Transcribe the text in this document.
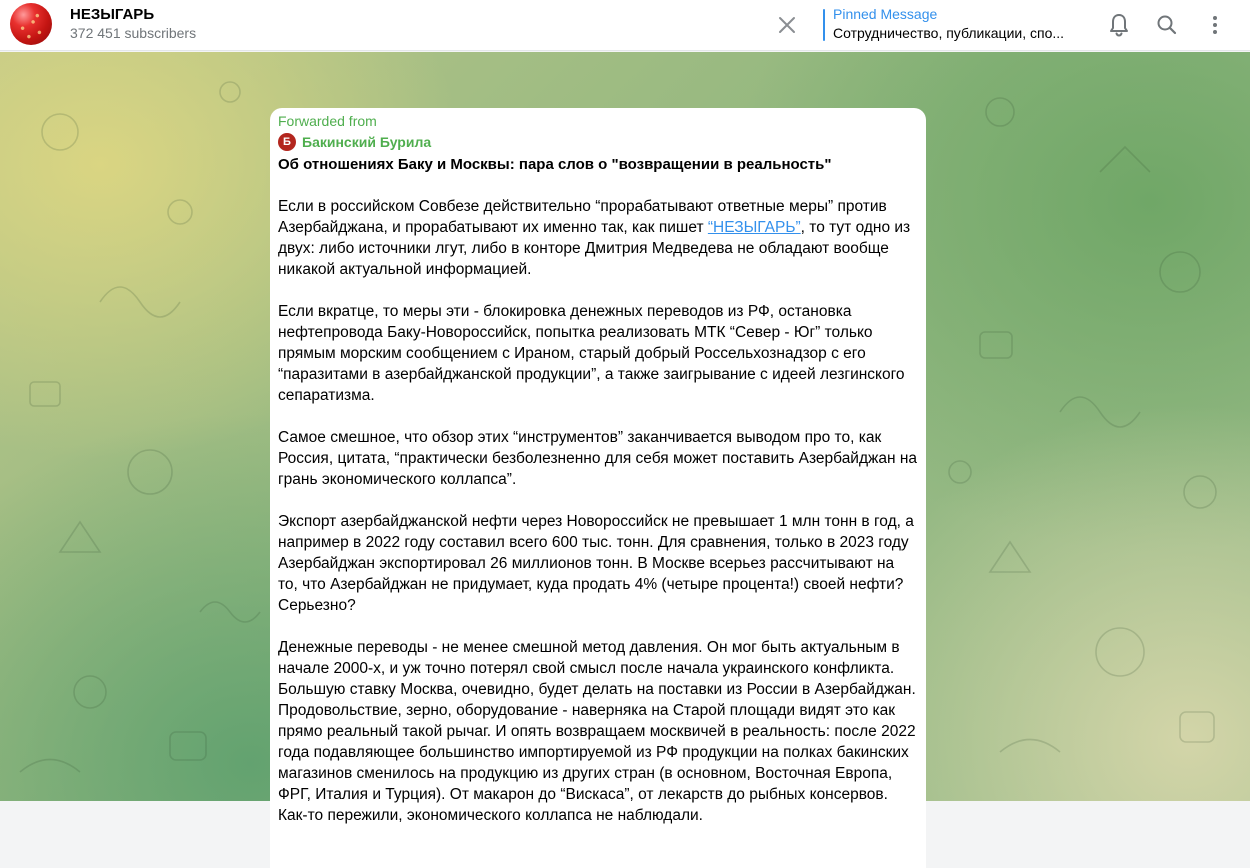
НЕЗЫГАРЬ
372 451 subscribers
Pinned Message
Сотрудничество, публикации, спо...
Forwarded from
Б Бакинский Бурила
Об отношениях Баку и Москвы: пара слов о "возвращении в реальность"

Если в российском Совбезе действительно “прорабатывают ответные меры” против Азербайджана, и прорабатывают их именно так, как пишет “НЕЗЫГАРЬ”, то тут одно из двух: либо источники лгут, либо в конторе Дмитрия Медведева не обладают вообще никакой актуальной информацией.

Если вкратце, то меры эти - блокировка денежных переводов из РФ, остановка нефтепровода Баку-Новороссийск, попытка реализовать МТК “Север - Юг” только прямым морским сообщением с Ираном, старый добрый Россельхознадзор с его “паразитами в азербайджанской продукции”, а также заигрывание с идеей лезгинского сепаратизма.

Самое смешное, что обзор этих “инструментов” заканчивается выводом про то, как Россия, цитата, “практически безболезненно для себя может поставить Азербайджан на грань экономического коллапса”.

Экспорт азербайджанской нефти через Новороссийск не превышает 1 млн тонн в год, а например в 2022 году составил всего 600 тыс. тонн. Для сравнения, только в 2023 году Азербайджан экспортировал 26 миллионов тонн. В Москве всерьез рассчитывают на то, что Азербайджан не придумает, куда продать 4% (четыре процента!) своей нефти? Серьезно?

Денежные переводы - не менее смешной метод давления. Он мог быть актуальным в начале 2000-х, и уж точно потерял свой смысл после начала украинского конфликта. Большую ставку Москва, очевидно, будет делать на поставки из России в Азербайджан. Продовольствие, зерно, оборудование - наверняка на Старой площади видят это как прямо реальный такой рычаг. И опять возвращаем москвичей в реальность: после 2022 года подавляющее большинство импортируемой из РФ продукции на полках бакинских магазинов сменилось на продукцию из других стран (в основном, Восточная Европа, ФРГ, Италия и Турция). От макарон до “Вискаса”, от лекарств до рыбных консервов. Как-то пережили, экономического коллапса не наблюдали.
